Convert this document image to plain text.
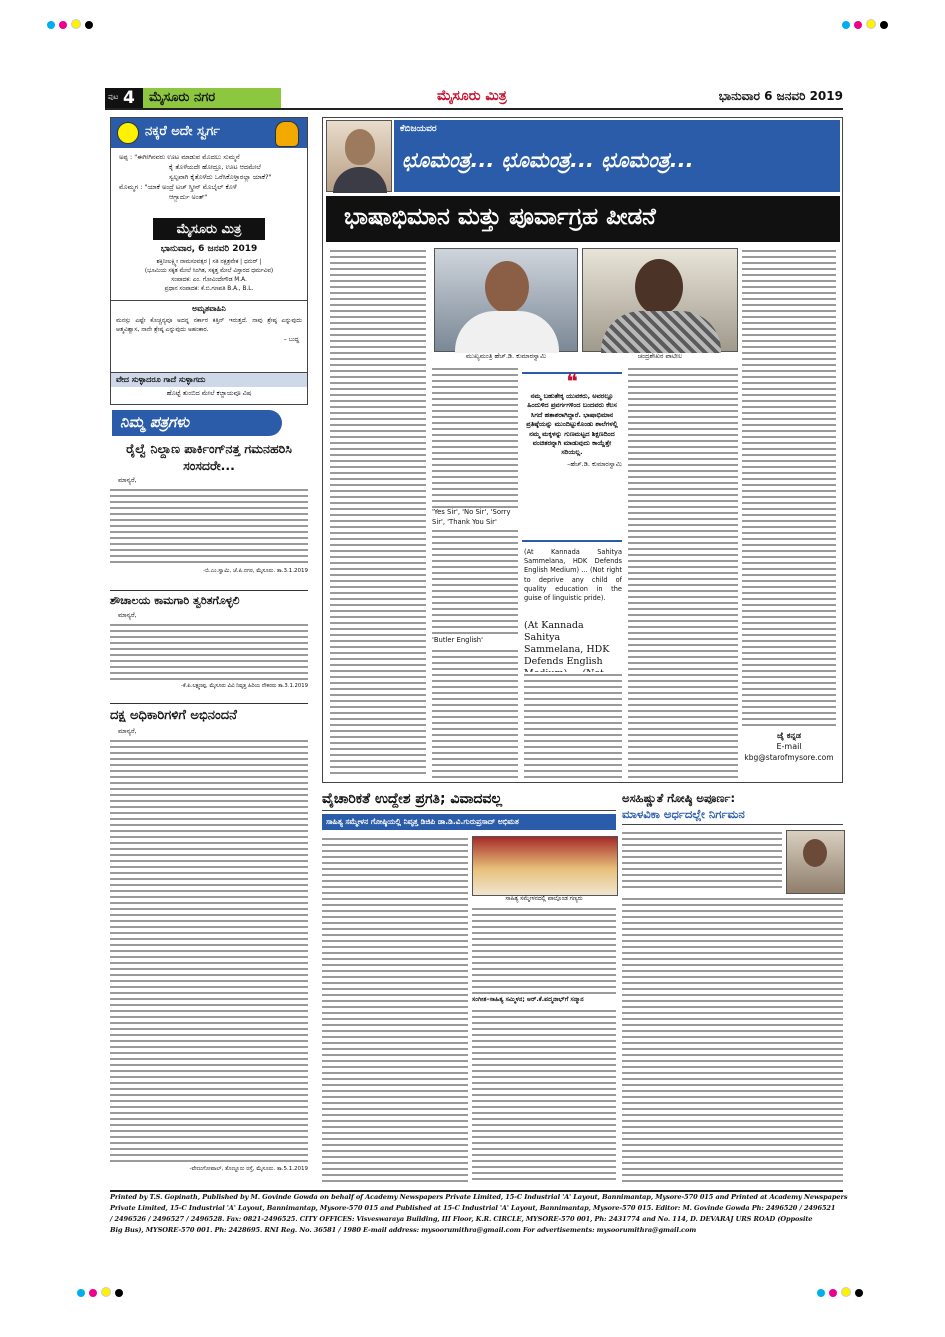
ಪುಟ 4 ಮೈಸೂರು ನಗರ	ಮೈಸೂರು ಮಿತ್ರ	ಭಾನುವಾರ 6 ಜನವರಿ 2019
ನಕ್ಕರೆ ಅದೇ ಸ್ವರ್ಗ
ಅಪ್ಪ : "ಈಗೀಗಿನವರು ಊಟ ಮಾಡುವ ಮೊದಲು ಸುಮ್ಮನೆ
ಕೈ ತೊಳೆಯದೇ ಹೋದ್ರೂ, ಊಟ ಆದಮೇಲೆ
ಸ್ವಲ್ಪವಾಗಿ ಕೈತೊಳೆದು ಒರೆಸಿಕೊಳ್ತಾರಲ್ಲಾ ಯಾಕೆ?"
ಮೊಮ್ಮಗ : "ಯಾಕೆ ಅಂದ್ರೆ ಟಚ್ ಸ್ಕ್ರೀನ್ ಮೊಬೈಲ್ ಕೊಳೆ
ಆಗ್ಬಾರ್ದು ಅಂತ್"
ಮೈಸೂರು ಮಿತ್ರ
ಭಾನುವಾರ, 6 ಜನವರಿ 2019
ಶಕ್ತಿನೀಲಕ್ಷ್ಮೀ ನಾಮಸಂವತ್ಸರ | ಸತಿ ನಕ್ಷತ್ರವೇಕ | ಧನುರ್ |
(ಭೂಮಿಯ ಸಕ್ಕತ ಮೇಲೆ ಸಿಂಗಿತ, ಸಕ್ಕತ್ತ ಮೇಲೆ ವಿಸ್ತಾರದ ಧರ್ಮವಿವ)
ಸಂಪಾದಕ: ಎಂ. ಗೋವಿಂದೇಗೌಡ M.A.
ಪ್ರಧಾನ ಸಂಪಾದಕ: ಕೆ.ಬಿ.ಗಣಪತಿ B.A., B.L.
ಅಮೃತವಾಹಿನಿ
ಮನಸ್ಸು ಎಷ್ಟೇ ಕೊಚ್ಚನ್ಯವೂ ಅದನ್ನ ನರ್ಕಾರ ಕತ್ತಿನ್ ಇರುತ್ತದೆ. ನಾವು ಶ್ರೇಷ್ಠ ಎನ್ನುವುದು ಆತ್ಮವಿಶ್ವಾಸ, ನಾನೇ ಶ್ರೇಷ್ಠ ಎನ್ನುವುದು ಅಹಂಕಾರ.
– ಬುದ್ಧ
ವೇದ ಸುಳ್ಳಾದರೂ ಗಾದೆ ಸುಳ್ಳಾಗದು
ಹೊಟ್ಟೆ ತುಂಬಿದ ಮೇಲೆ ಕಜ್ಜಾಯವೂ ವಿಷ
ನಿಮ್ಮ ಪತ್ರಗಳು
ರೈಲ್ವೆ ನಿಲ್ದಾಣ ಪಾರ್ಕಿಂಗ್‌ನತ್ತ ಗಮನಹರಿಸಿ ಸಂಸದರೇ...
ಮಾನ್ಯರೆ,
-ಬಿ.ಎಂ.ಸ್ವಾಮಿ, ಜೆ.ಪಿ.ನಗರ, ಮೈಸೂರು. ತಾ.3.1.2019
ಶೌಚಾಲಯ ಕಾಮಗಾರಿ ತ್ವರಿತಗೊಳ್ಳಲಿ
ಮಾನ್ಯರೆ,
-ಕೆ.ಪಿ.ಲಕ್ಷ್ಮಣಪ್ಪ, ಮೈಸೂರು ವಿವಿ ನಿವೃತ್ತ ಹಿರಿಯ ನೌಕರರು ತಾ.3.1.2019
ದಕ್ಷ ಅಧಿಕಾರಿಗಳಿಗೆ ಅಭಿನಂದನೆ
ಮಾನ್ಯರೆ,
-ವೇಣುಗೋಪಾಲ್, ತೊಣ್ಣೂರು ರಸ್ತೆ, ಮೈಸೂರು. ತಾ.5.1.2019
ಕೆಬಿಜಯವರ
ಛೂಮಂತ್ರ... ಛೂಮಂತ್ರ... ಛೂಮಂತ್ರ...
ಭಾಷಾಭಿಮಾನ ಮತ್ತು ಪೂರ್ವಾಗ್ರಹ ಪೀಡನೆ
'Yes Sir', 'No Sir', 'Sorry Sir', 'Thank You Sir'
'Butler English'
ಮುಖ್ಯಮಂತ್ರಿ ಹೆಚ್.ಡಿ. ಕುಮಾರಸ್ವಾಮಿ	ಚಂದ್ರಶೇಖರ ಪಾಟೀಲ
❝
ನಮ್ಮ ಬಹುತೇಕ್ಕ ಯುವಕರು, ಅವರಲ್ಲೂ ಹಿಂದುಳಿದ ಪ್ರವರ್ಗಗಳಿಂದ ಬಂದವರು ಕೆಲಸ ಸಿಗದೆ ಹತಾಶರಾಗಿದ್ದಾರೆ. ಭಾಷಾಭಿಮಾನ ಪ್ರತಿಷ್ಠೆಯನ್ನು ಮುಂದಿಟ್ಟುಕೊಂಡು ಶಾಲೆಗಳಲ್ಲಿ ನಮ್ಮ ಮಕ್ಕಳನ್ನು ಗುಣಮಟ್ಟದ ಶಿಕ್ಷಣದಿಂದ ವಂಚಿತರನ್ನಾಗಿ ಮಾಡುವುದು ಕಾಯ್ದೆತ್ತೇ ಸರಿಯಲ್ಲ.
–ಹೆಚ್.ಡಿ. ಕುಮಾರಸ್ವಾಮಿ
(At Kannada Sahitya Sammelana, HDK Defends English Medium) ... (Not right to deprive any child of quality education in the guise of linguistic pride).
(At Kannada Sahitya Sammelana, HDK Defends English
ಜೈ ಕನ್ನಡ
E-mail
kbg@starofmysore.com
ವೈಚಾರಿಕತೆ ಉದ್ದೇಶ ಪ್ರಗತಿ; ವಿವಾದವಲ್ಲ
ಸಾಹಿತ್ಯ ಸಮ್ಮೇಳನ ಗೋಷ್ಠಿಯಲ್ಲಿ ನಿವೃತ್ತ ಡಿಜಿಪಿ ಡಾ.ಡಿ.ವಿ.ಗುರುಪ್ರಸಾದ್ ಅಭಿಮತ
ಸಾಹಿತ್ಯ ಸಮ್ಮೇಳನದಲ್ಲಿ ಪಾಲ್ಗೊಂಡ ಗಣ್ಯರು
ಸಂಗೀತ–ಸಾಹಿತ್ಯ ಸಮ್ಮಿಳನ; ಅರ್.ಕೆ.ಪದ್ಮನಾಭ್‌ಗೆ ಸನ್ಮಾನ
ಅಸಹಿಷ್ಣುತೆ ಗೋಷ್ಠಿ ಅಪೂರ್ಣ:
ಮಾಳವಿಕಾ ಅರ್ಧದಲ್ಲೇ ನಿರ್ಗಮನ
Printed by T.S. Gopinath, Published by M. Govinde Gowda on behalf of Academy Newspapers Private Limited, 15-C Industrial 'A' Layout, Bannimantap, Mysore-570 015 and Printed at Academy Newspapers
Private Limited, 15-C Industrial 'A' Layout, Bannimantap, Mysore-570 015 and Published at 15-C Industrial 'A' Layout, Bannimantap, Mysore-570 015. Editor: M. Govinde Gowda Ph: 2496520 / 2496521
/ 2496526 / 2496527 / 2496528. Fax: 0821-2496525. CITY OFFICES: Visveswaraya Building, III Floor, K.R. CIRCLE, MYSORE-570 001, Ph: 2431774 and No. 114, D. DEVARAJ URS ROAD (Opposite
Big Bus), MYSORE-570 001. Ph: 2428695. RNI Reg. No. 36581 / 1980 E-mail address: mysoorumithra@gmail.com For advertisements: mysoorumithra@gmail.com
